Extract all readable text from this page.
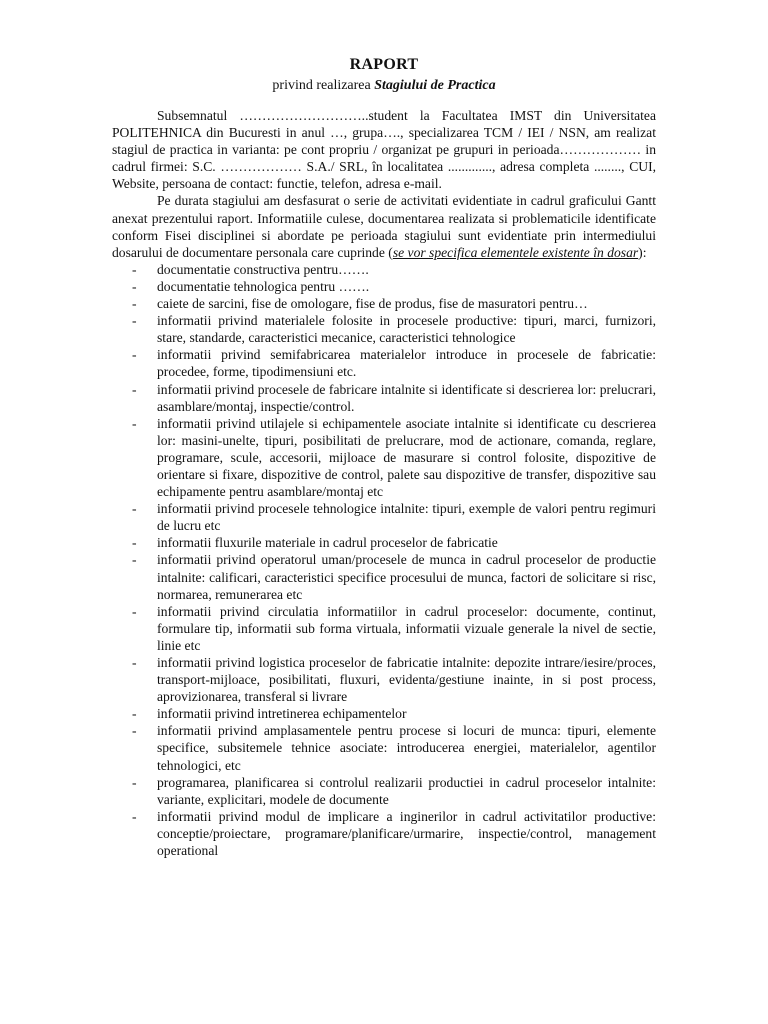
RAPORT
privind realizarea Stagiului de Practica

Subsemnatul ………………………..student la Facultatea IMST din Universitatea POLITEHNICA din Bucuresti in anul …, grupa…., specializarea TCM / IEI / NSN, am realizat stagiul de practica in varianta: pe cont propriu / organizat pe grupuri in perioada……………… in cadrul firmei: S.C. ……………… S.A./ SRL, în localitatea ............., adresa completa ........, CUI, Website, persoana de contact: functie, telefon, adresa e-mail.

Pe durata stagiului am desfasurat o serie de activitati evidentiate in cadrul graficului Gantt anexat prezentului raport. Informatiile culese, documentarea realizata si problematicile identificate conform Fisei disciplinei si abordate pe perioada stagiului sunt evidentiate prin intermediului dosarului de documentare personala care cuprinde (se vor specifica elementele existente în dosar):

- documentatie constructiva pentru…….
- documentatie tehnologica pentru …….
- caiete de sarcini, fise de omologare, fise de produs, fise de masuratori pentru…
- informatii privind materialele folosite in procesele productive: tipuri, marci, furnizori, stare, standarde, caracteristici mecanice, caracteristici tehnologice
- informatii privind semifabricarea materialelor introduce in procesele de fabricatie: procedee, forme, tipodimensiuni etc.
- informatii privind procesele de fabricare intalnite si identificate si descrierea lor: prelucrari, asamblare/montaj, inspectie/control.
- informatii privind utilajele si echipamentele asociate intalnite si identificate cu descrierea lor: masini-unelte, tipuri, posibilitati de prelucrare, mod de actionare, comanda, reglare, programare, scule, accesorii, mijloace de masurare si control folosite, dispozitive de orientare si fixare, dispozitive de control, palete sau dispozitive de transfer, dispozitive sau echipamente pentru asamblare/montaj etc
- informatii privind procesele tehnologice intalnite: tipuri, exemple de valori pentru regimuri de lucru etc
- informatii fluxurile materiale in cadrul proceselor de fabricatie
- informatii privind operatorul uman/procesele de munca in cadrul proceselor de productie intalnite: calificari, caracteristici specifice procesului de munca, factori de solicitare si risc, normarea, remunerarea etc
- informatii privind circulatia informatiilor in cadrul proceselor: documente, continut, formulare tip, informatii sub forma virtuala, informatii vizuale generale la nivel de sectie, linie etc
- informatii privind logistica proceselor de fabricatie intalnite: depozite intrare/iesire/proces, transport-mijloace, posibilitati, fluxuri, evidenta/gestiune inainte, in si post process, aprovizionarea, transferal si livrare
- informatii privind intretinerea echipamentelor
- informatii privind amplasamentele pentru procese si locuri de munca: tipuri, elemente specifice, subsitemele tehnice asociate: introducerea energiei, materialelor, agentilor tehnologici, etc
- programarea, planificarea si controlul realizarii productiei in cadrul proceselor intalnite: variante, explicitari, modele de documente
- informatii privind modul de implicare a inginerilor in cadrul activitatilor productive: conceptie/proiectare, programare/planificare/urmarire, inspectie/control, management operational
